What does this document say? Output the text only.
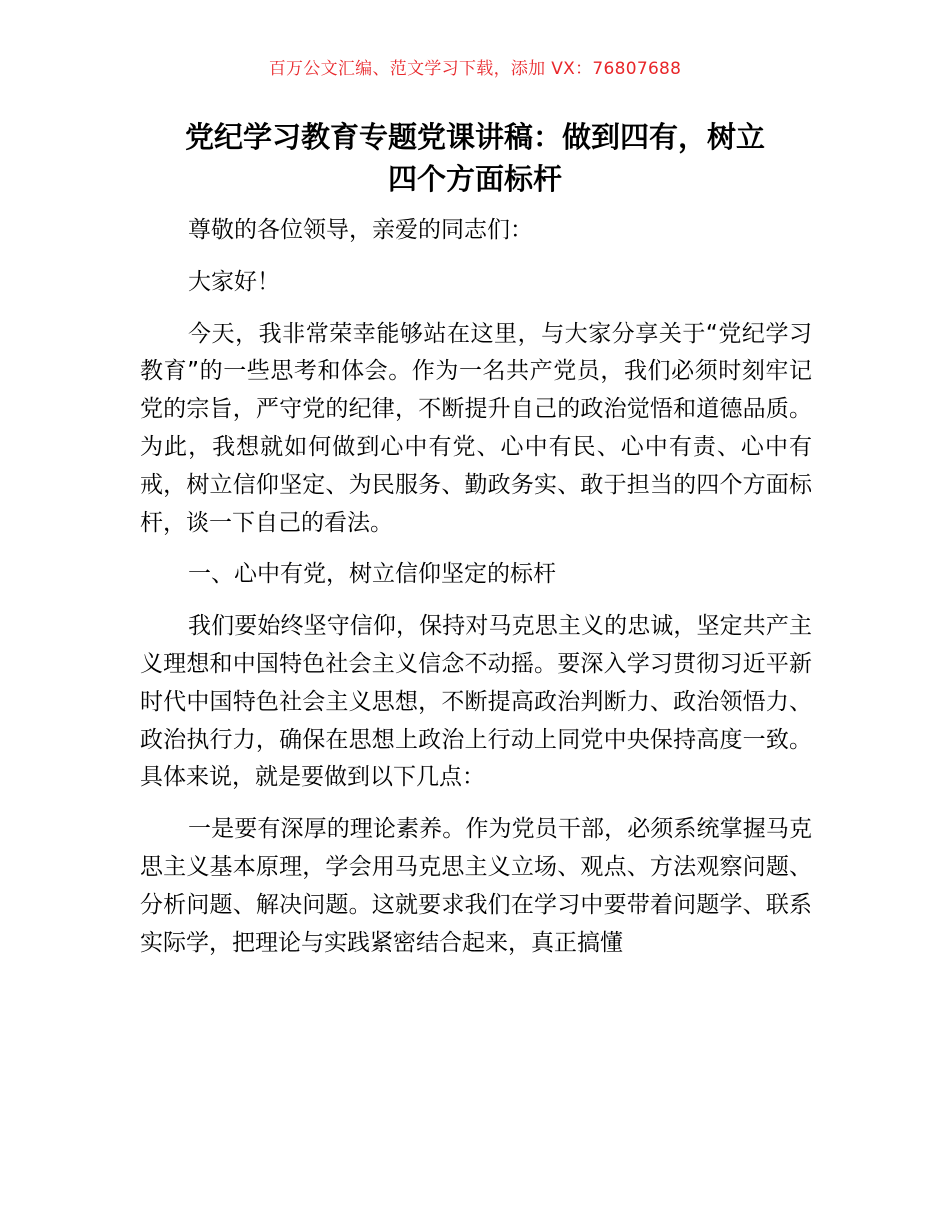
百万公文汇编、范文学习下载，添加 VX：76807688
党纪学习教育专题党课讲稿：做到四有，树立
四个方面标杆

尊敬的各位领导，亲爱的同志们：

大家好！

今天，我非常荣幸能够站在这里，与大家分享关于“党纪学习教育”的一些思考和体会。作为一名共产党员，我们必须时刻牢记党的宗旨，严守党的纪律，不断提升自己的政治觉悟和道德品质。为此，我想就如何做到心中有党、心中有民、心中有责、心中有戒，树立信仰坚定、为民服务、勤政务实、敢于担当的四个方面标杆，谈一下自己的看法。

一、心中有党，树立信仰坚定的标杆

我们要始终坚守信仰，保持对马克思主义的忠诚，坚定共产主义理想和中国特色社会主义信念不动摇。要深入学习贯彻习近平新时代中国特色社会主义思想，不断提高政治判断力、政治领悟力、政治执行力，确保在思想上政治上行动上同党中央保持高度一致。具体来说，就是要做到以下几点：

一是要有深厚的理论素养。作为党员干部，必须系统掌握马克思主义基本原理，学会用马克思主义立场、观点、方法观察问题、分析问题、解决问题。这就要求我们在学习中要带着问题学、联系实际学，把理论与实践紧密结合起来，真正搞懂
